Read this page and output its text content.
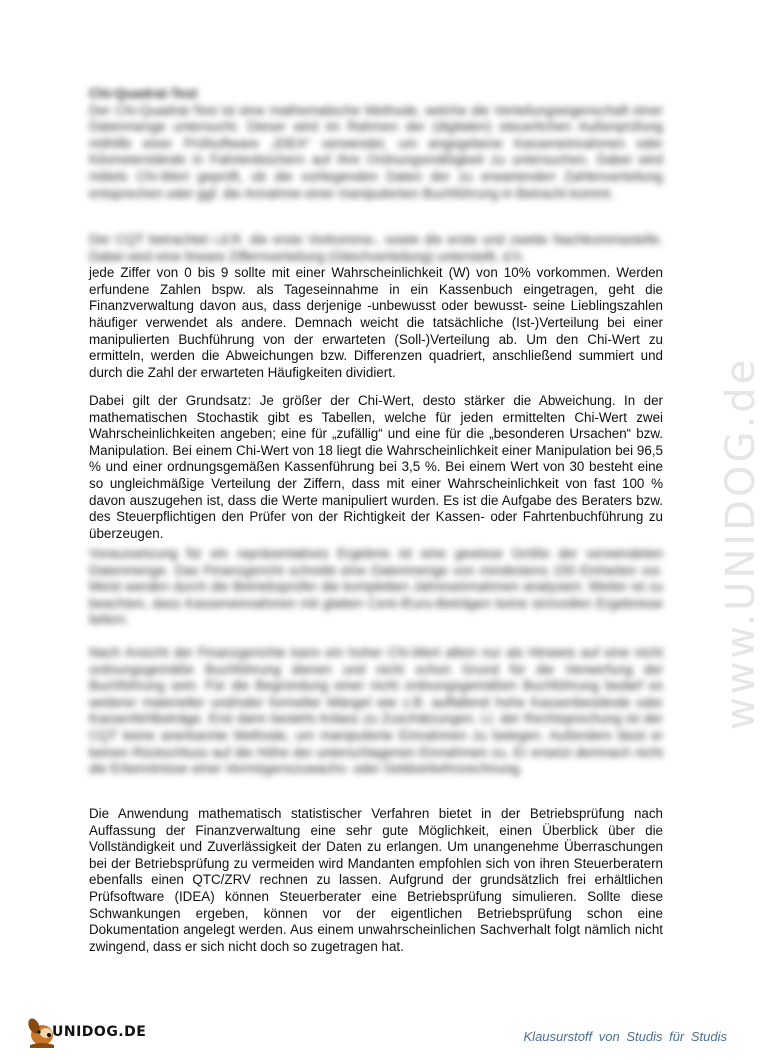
www.UNIDOG.de

Chi-Quadrat-Test

Der Chi-Quadrat-Test ist eine mathematische Methode, welche die Verteilungseigenschaft einer Datenmenge untersucht. Dieser wird im Rahmen der (digitalen) steuerlichen Außenprüfung mithilfe einer Prüfsoftware „IDEA“ verwendet, um angegebene Kasseneinnahmen oder Kilometerstände in Fahrtenbüchern auf ihre Ordnungsmäßigkeit zu untersuchen. Dabei wird mittels Chi-Wert geprüft, ob die vorliegenden Daten der zu erwartenden Zahlenverteilung entsprechen oder ggf. die Annahme einer manipulierten Buchführung in Betracht kommt.

Der CQT betrachtet i.d.R. die erste Vorkomma-, sowie die erste und zweite Nachkommastelle. Dabei wird eine lineare Ziffernverteilung (Gleichverteilung) unterstellt, d.h.

jede Ziffer von 0 bis 9 sollte mit einer Wahrscheinlichkeit (W) von 10% vorkommen. Werden erfundene Zahlen bspw. als Tageseinnahme in ein Kassenbuch eingetragen, geht die Finanzverwaltung davon aus, dass derjenige -unbewusst oder bewusst- seine Lieblingszahlen häufiger verwendet als andere. Demnach weicht die tatsächliche (Ist-)Verteilung bei einer manipulierten Buchführung von der erwarteten (Soll-)Verteilung ab. Um den Chi-Wert zu ermitteln, werden die Abweichungen bzw. Differenzen quadriert, anschließend summiert und durch die Zahl der erwarteten Häufigkeiten dividiert.

Dabei gilt der Grundsatz: Je größer der Chi-Wert, desto stärker die Abweichung. In der mathematischen Stochastik gibt es Tabellen, welche für jeden ermittelten Chi-Wert zwei Wahrscheinlichkeiten angeben; eine für „zufällig“ und eine für die „besonderen Ursachen“ bzw. Manipulation. Bei einem Chi-Wert von 18 liegt die Wahrscheinlichkeit einer Manipulation bei 96,5 % und einer ordnungsgemäßen Kassenführung bei 3,5 %. Bei einem Wert von 30 besteht eine so ungleichmäßige Verteilung der Ziffern, dass mit einer Wahrscheinlichkeit von fast 100 % davon auszugehen ist, dass die Werte manipuliert wurden. Es ist die Aufgabe des Beraters bzw. des Steuerpflichtigen den Prüfer von der Richtigkeit der Kassen- oder Fahrtenbuchführung zu überzeugen.

Voraussetzung für ein repräsentatives Ergebnis ist eine gewisse Größe der verwendeten Datenmenge. Das Finanzgericht schreibt eine Datenmenge von mindestens 150 Einheiten vor. Meist werden durch die Betriebsprüfer die kompletten Jahreseinnahmen analysiert. Weiter ist zu beachten, dass Kasseneinnahmen mit glatten Cent-/Euro-Beträgen keine sinnvollen Ergebnisse liefern.

Nach Ansicht der Finanzgerichte kann ein hoher Chi-Wert allein nur als Hinweis auf eine nicht ordnungsgemäße Buchführung dienen und nicht schon Grund für die Verwerfung der Buchführung sein. Für die Begründung einer nicht ordnungsgemäßen Buchführung bedarf es weiterer materieller und/oder formeller Mängel wie z.B. auffallend hohe Kassenbestände oder Kassenfehlbeträge. Erst dann besteht Anlass zu Zuschätzungen. Lt. der Rechtsprechung ist der CQT keine anerkannte Methode, um manipulierte Einnahmen zu belegen. Außerdem lässt er keinen Rückschluss auf die Höhe der unterschlagenen Einnahmen zu. Er ersetzt demnach nicht die Erkenntnisse einer Vermögenszuwachs- oder Geldverkehrsrechnung.

Die Anwendung mathematisch statistischer Verfahren bietet in der Betriebsprüfung nach Auffassung der Finanzverwaltung eine sehr gute Möglichkeit, einen Überblick über die Vollständigkeit und Zuverlässigkeit der Daten zu erlangen. Um unangenehme Überraschungen bei der Betriebsprüfung zu vermeiden wird Mandanten empfohlen sich von ihren Steuerberatern ebenfalls einen QTC/ZRV rechnen zu lassen. Aufgrund der grundsätzlich frei erhältlichen Prüfsoftware (IDEA) können Steuerberater eine Betriebsprüfung simulieren. Sollte diese Schwankungen ergeben, können vor der eigentlichen Betriebsprüfung schon eine Dokumentation angelegt werden. Aus einem unwahrscheinlichen Sachverhalt folgt nämlich nicht zwingend, dass er sich nicht doch so zugetragen hat.

UNIDOG.DE	Klausurstoff von Studis für Studis
